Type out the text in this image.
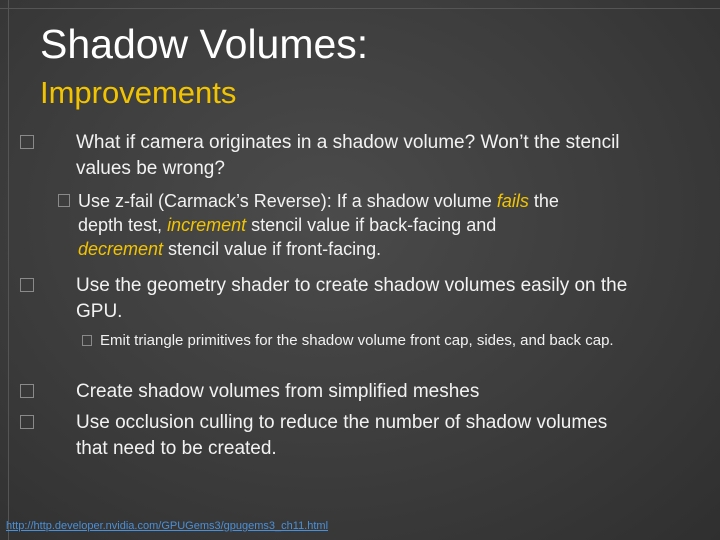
Shadow Volumes:
Improvements
What if camera originates in a shadow volume? Won’t the stencil values be wrong?
Use z-fail (Carmack’s Reverse): If a shadow volume fails the depth test, increment stencil value if back-facing and decrement stencil value if front-facing.
Use the geometry shader to create shadow volumes easily on the GPU.
Emit triangle primitives for the shadow volume front cap, sides, and back cap.
Create shadow volumes from simplified meshes
Use occlusion culling to reduce the number of shadow volumes that need to be created.
http://http.developer.nvidia.com/GPUGems3/gpugems3_ch11.html
